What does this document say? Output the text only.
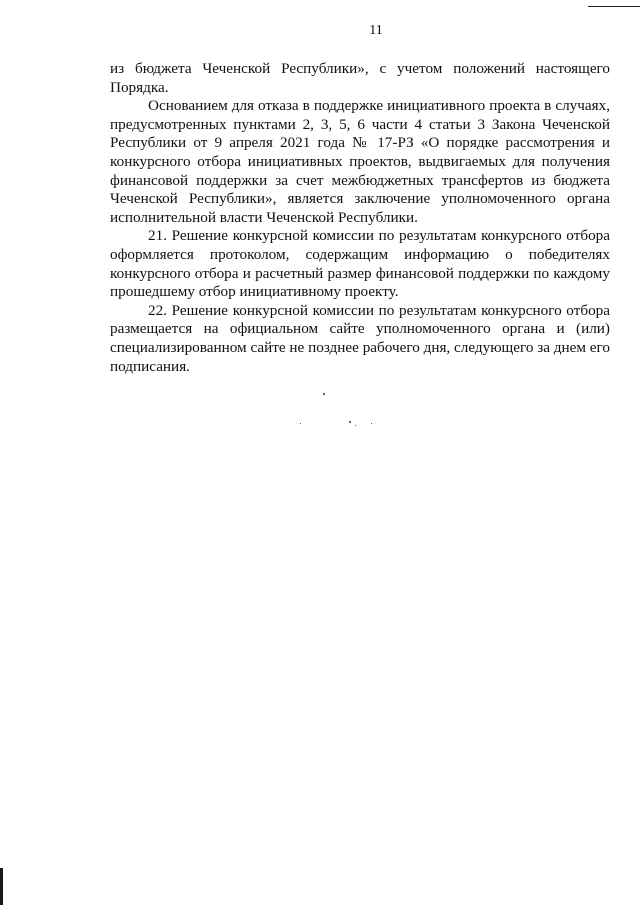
11

из бюджета Чеченской Республики», с учетом положений настоящего Порядка.

Основанием для отказа в поддержке инициативного проекта в случаях, предусмотренных пунктами 2, 3, 5, 6 части 4 статьи 3 Закона Чеченской Республики от 9 апреля 2021 года № 17-РЗ «О порядке рассмотрения и конкурсного отбора инициативных проектов, выдвигаемых для получения финансовой поддержки за счет межбюджетных трансфертов из бюджета Чеченской Республики», является заключение уполномоченного органа исполнительной власти Чеченской Республики.

21. Решение конкурсной комиссии по результатам конкурсного отбора оформляется протоколом, содержащим информацию о победителях конкурсного отбора и расчетный размер финансовой поддержки по каждому прошедшему отбор инициативному проекту.

22. Решение конкурсной комиссии по результатам конкурсного отбора размещается на официальном сайте уполномоченного органа и (или) специализированном сайте не позднее рабочего дня, следующего за днем его подписания.
